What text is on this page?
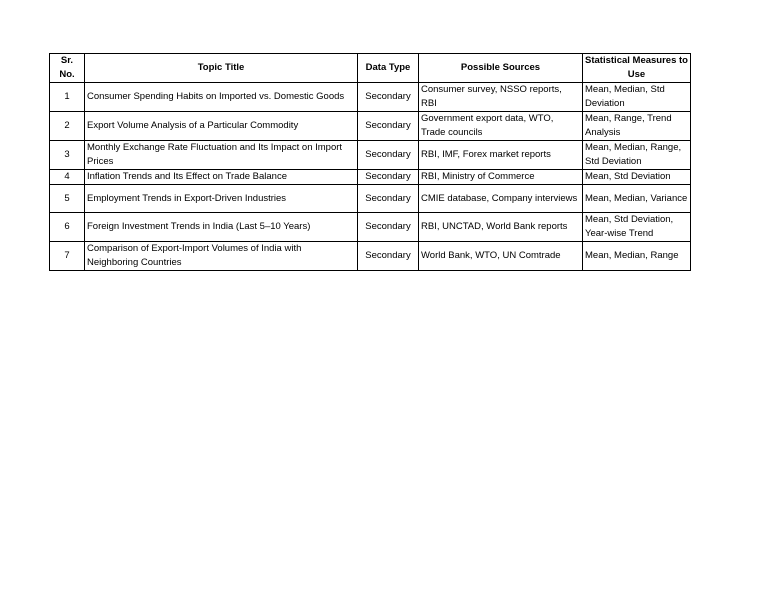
Sr. No.	Topic Title	Data Type	Possible Sources	Statistical Measures to Use
1	Consumer Spending Habits on Imported vs. Domestic Goods	Secondary	Consumer survey, NSSO reports, RBI	Mean, Median, Std Deviation
2	Export Volume Analysis of a Particular Commodity	Secondary	Government export data, WTO, Trade councils	Mean, Range, Trend Analysis
3	Monthly Exchange Rate Fluctuation and Its Impact on Import Prices	Secondary	RBI, IMF, Forex market reports	Mean, Median, Range, Std Deviation
4	Inflation Trends and Its Effect on Trade Balance	Secondary	RBI, Ministry of Commerce	Mean, Std Deviation
5	Employment Trends in Export-Driven Industries	Secondary	CMIE database, Company interviews	Mean, Median, Variance
6	Foreign Investment Trends in India (Last 5–10 Years)	Secondary	RBI, UNCTAD, World Bank reports	Mean, Std Deviation, Year-wise Trend
7	Comparison of Export-Import Volumes of India with Neighboring Countries	Secondary	World Bank, WTO, UN Comtrade	Mean, Median, Range
